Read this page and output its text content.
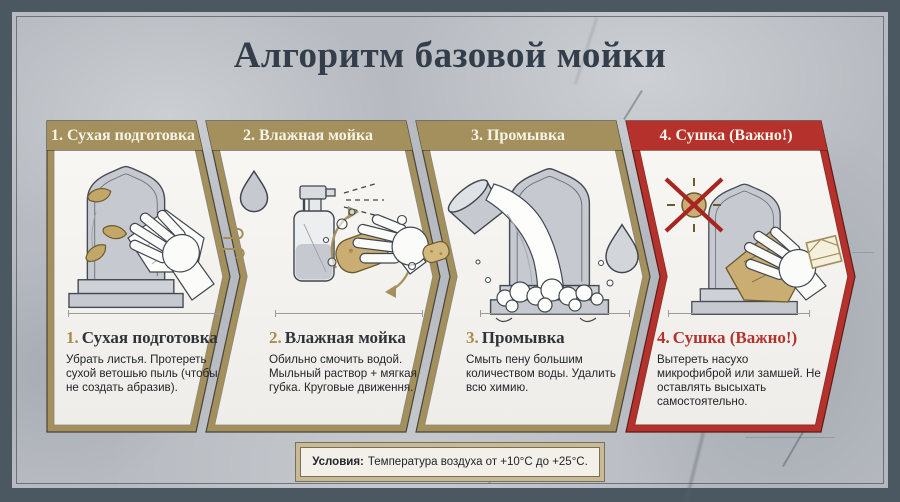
Алгоритм базовой мойки
1. Сухая подготовка	2. Влажная мойка	3. Промывка	4. Сушка (Важно!)
1. Сухая подготовка	2. Влажная мойка	3. Промывка	4. Сушка (Важно!)
Убрать листья. Протереть сухой ветошью пыль (чтобы не создать абразив).
Обильно смочить водой. Мыльный раствор + мягкая губка. Круговые движення.
Смыть пену большим количеством воды. Удалить всю химию.
Вытереть насухо микрофиброй или замшей. Не оставлять высыхать самостоятельно.
Условия: Температура воздуха от +10°C до +25°C.
